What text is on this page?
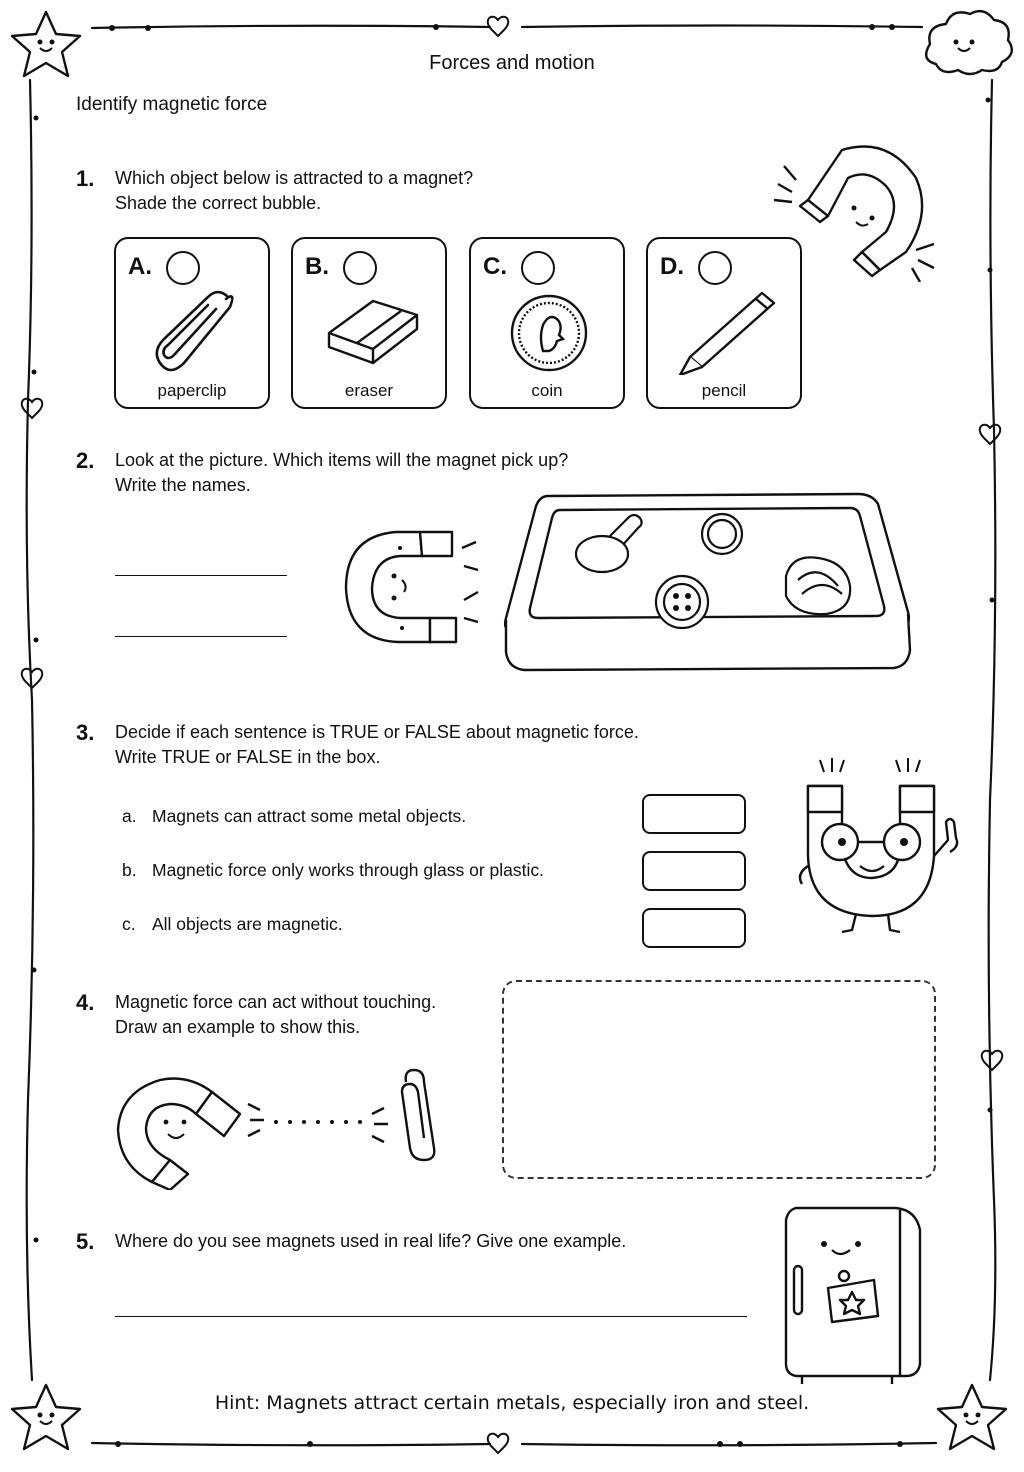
Forces and motion
Identify magnetic force
1. Which object below is attracted to a magnet?
Shade the correct bubble.
A.
paperclip
B.
eraser
C.
coin
D.
pencil
2. Look at the picture. Which items will the magnet pick up?
Write the names.
3. Decide if each sentence is TRUE or FALSE about magnetic force.
Write TRUE or FALSE in the box.
a. Magnets can attract some metal objects.
b. Magnetic force only works through glass or plastic.
c. All objects are magnetic.
4. Magnetic force can act without touching.
Draw an example to show this.
5. Where do you see magnets used in real life? Give one example.
Hint: Magnets attract certain metals, especially iron and steel.
